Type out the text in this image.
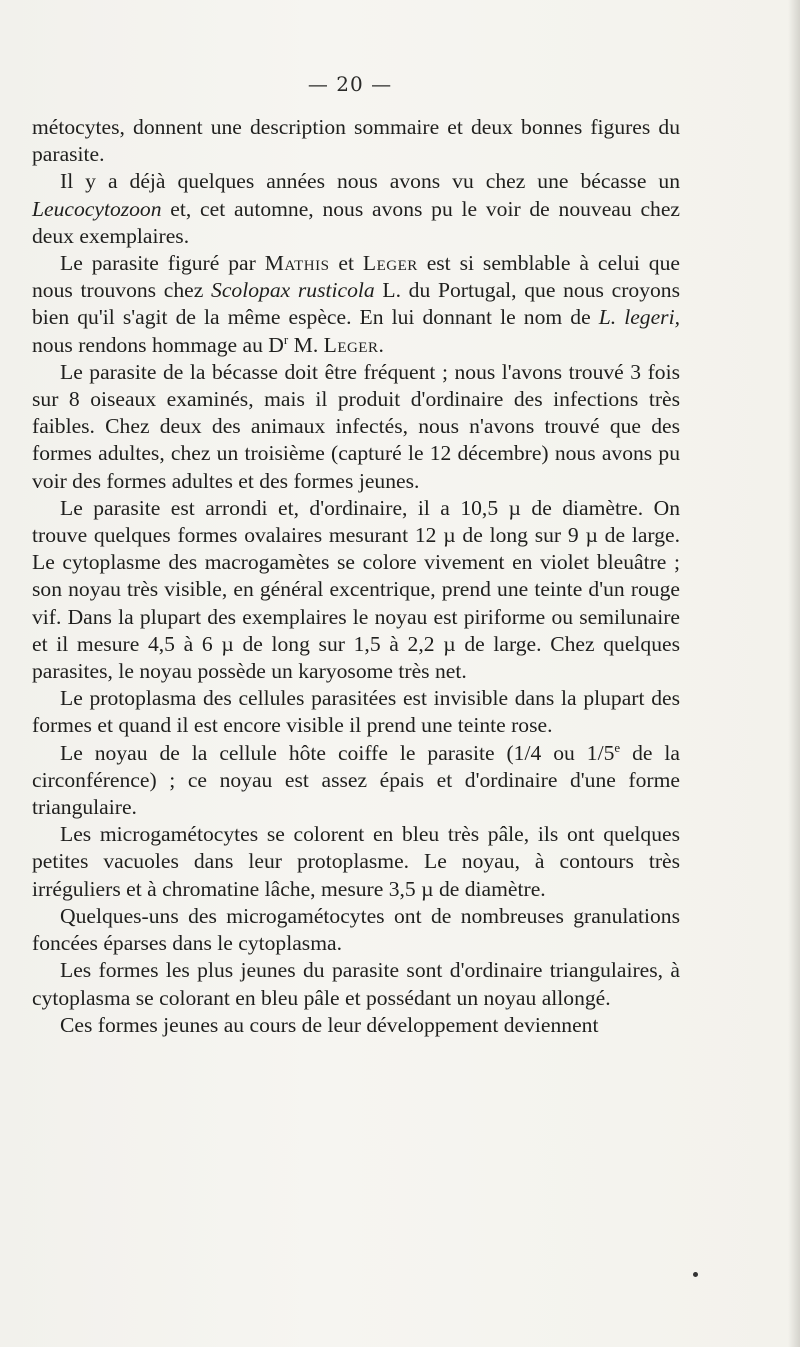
— 20 —

métocytes, donnent une description sommaire et deux bonnes figures du parasite.

Il y a déjà quelques années nous avons vu chez une bécasse un Leucocytozoon et, cet automne, nous avons pu le voir de nouveau chez deux exemplaires.

Le parasite figuré par Mathis et Leger est si semblable à celui que nous trouvons chez Scolopax rusticola L. du Portugal, que nous croyons bien qu'il s'agit de la même espèce. En lui donnant le nom de L. legeri, nous rendons hommage au $D^r$ M. Leger.

Le parasite de la bécasse doit être fréquent ; nous l'avons trouvé 3 fois sur 8 oiseaux examinés, mais il produit d'ordinaire des infections très faibles. Chez deux des animaux infectés, nous n'avons trouvé que des formes adultes, chez un troisième (capturé le 12 décembre) nous avons pu voir des formes adultes et des formes jeunes.

Le parasite est arrondi et, d'ordinaire, il a 10,5 µ de diamètre. On trouve quelques formes ovalaires mesurant 12 µ de long sur 9 µ de large. Le cytoplasme des macrogamètes se colore vivement en violet bleuâtre ; son noyau très visible, en général excentrique, prend une teinte d'un rouge vif. Dans la plupart des exemplaires le noyau est piriforme ou semilunaire et il mesure 4,5 à 6 µ de long sur 1,5 à 2,2 µ de large. Chez quelques parasites, le noyau possède un karyosome très net.

Le protoplasma des cellules parasitées est invisible dans la plupart des formes et quand il est encore visible il prend une teinte rose.

Le noyau de la cellule hôte coiffe le parasite (1/4 ou 1/5e de la circonférence) ; ce noyau est assez épais et d'ordinaire d'une forme triangulaire.

Les microgamétocytes se colorent en bleu très pâle, ils ont quelques petites vacuoles dans leur protoplasme. Le noyau, à contours très irréguliers et à chromatine lâche, mesure 3,5 µ de diamètre.

Quelques-uns des microgamétocytes ont de nombreuses granulations foncées éparses dans le cytoplasma.

Les formes les plus jeunes du parasite sont d'ordinaire triangulaires, à cytoplasma se colorant en bleu pâle et possédant un noyau allongé.

Ces formes jeunes au cours de leur développement deviennent
